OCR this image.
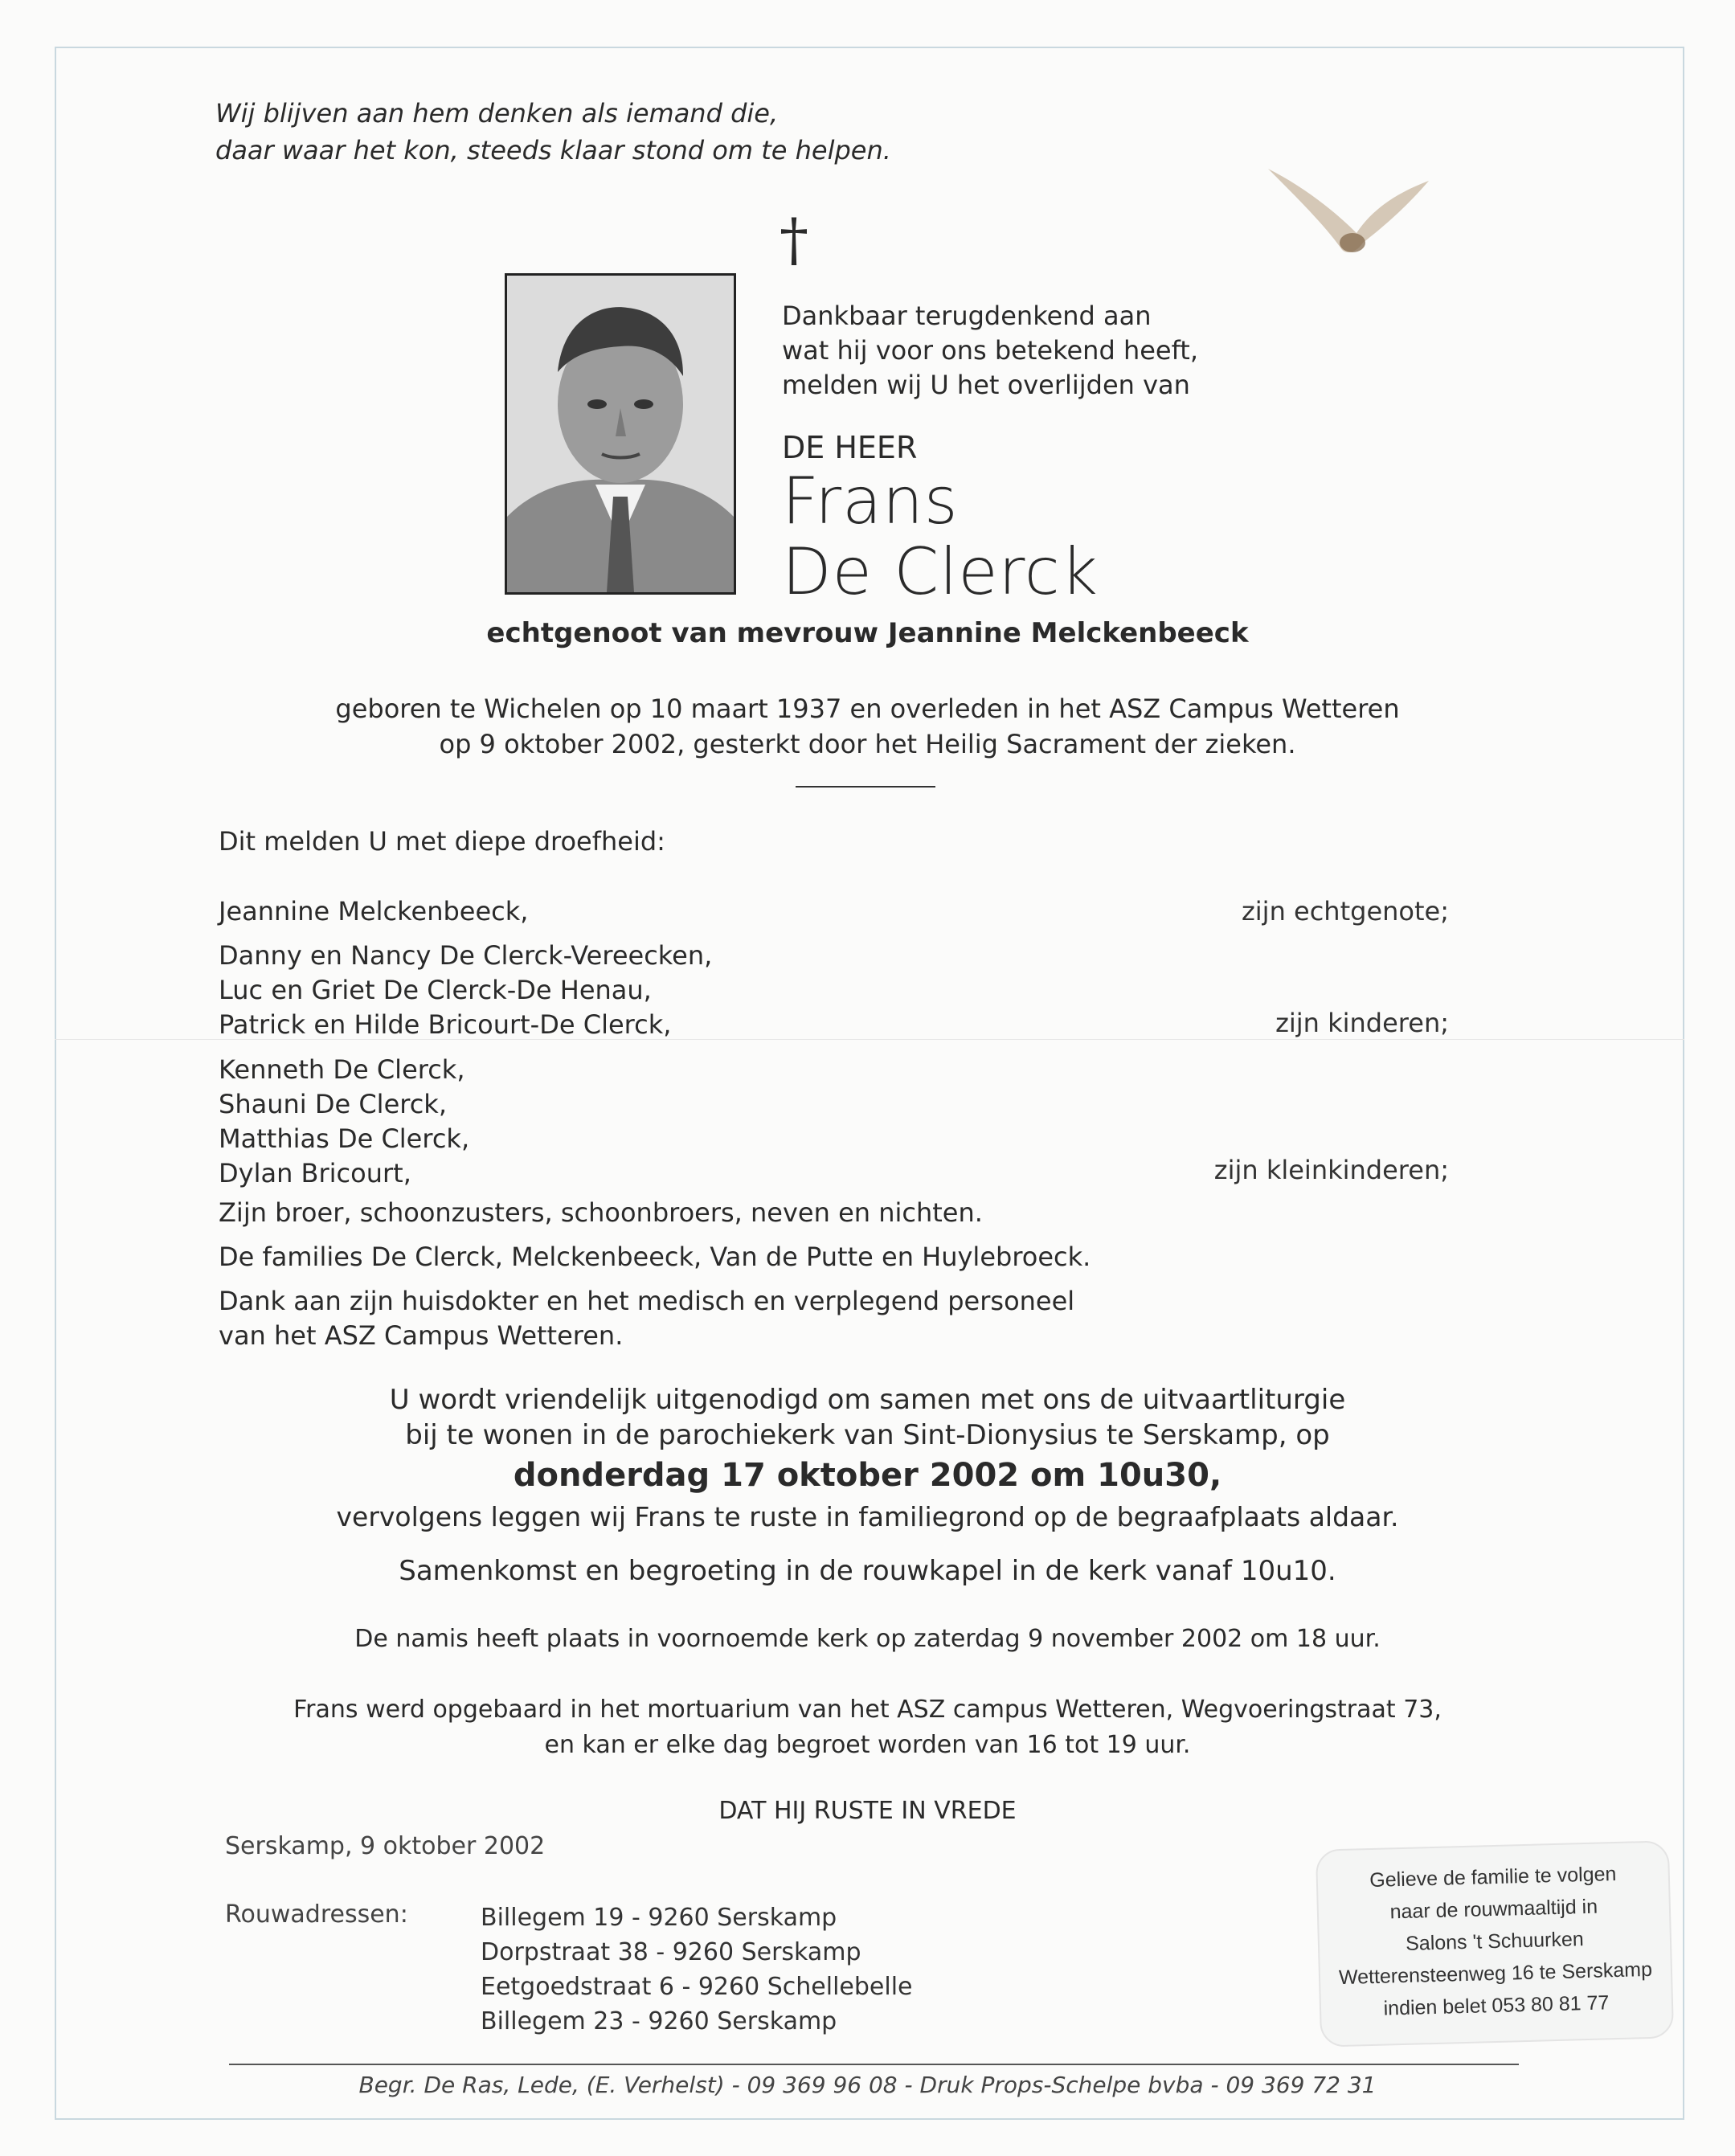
Wij blijven aan hem denken als iemand die,
daar waar het kon, steeds klaar stond om te helpen.
†
Dankbaar terugdenkend aan
wat hij voor ons betekend heeft,
melden wij U het overlijden van
DE HEER
Frans
De Clerck
echtgenoot van mevrouw Jeannine Melckenbeeck
geboren te Wichelen op 10 maart 1937 en overleden in het ASZ Campus Wetteren
op 9 oktober 2002, gesterkt door het Heilig Sacrament der zieken.
Dit melden U met diepe droefheid:
Jeannine Melckenbeeck,	zijn echtgenote;
Danny en Nancy De Clerck-Vereecken,
Luc en Griet De Clerck-De Henau,
Patrick en Hilde Bricourt-De Clerck,	zijn kinderen;
Kenneth De Clerck,
Shauni De Clerck,
Matthias De Clerck,
Dylan Bricourt,	zijn kleinkinderen;
Zijn broer, schoonzusters, schoonbroers, neven en nichten.
De families De Clerck, Melckenbeeck, Van de Putte en Huylebroeck.
Dank aan zijn huisdokter en het medisch en verplegend personeel
van het ASZ Campus Wetteren.
U wordt vriendelijk uitgenodigd om samen met ons de uitvaartliturgie
bij te wonen in de parochiekerk van Sint-Dionysius te Serskamp, op
donderdag 17 oktober 2002 om 10u30,
vervolgens leggen wij Frans te ruste in familiegrond op de begraafplaats aldaar.
Samenkomst en begroeting in de rouwkapel in de kerk vanaf 10u10.
De namis heeft plaats in voornoemde kerk op zaterdag 9 november 2002 om 18 uur.
Frans werd opgebaard in het mortuarium van het ASZ campus Wetteren, Wegvoeringstraat 73,
en kan er elke dag begroet worden van 16 tot 19 uur.
DAT HIJ RUSTE IN VREDE
Serskamp, 9 oktober 2002
Rouwadressen:	Billegem 19 - 9260 Serskamp
Dorpstraat 38 - 9260 Serskamp
Eetgoedstraat 6 - 9260 Schellebelle
Billegem 23 - 9260 Serskamp
Gelieve de familie te volgen
naar de rouwmaaltijd in
Salons 't Schuurken
Wetterensteenweg 16 te Serskamp
indien belet 053 80 81 77
Begr. De Ras, Lede, (E. Verhelst) - 09 369 96 08 - Druk Props-Schelpe bvba - 09 369 72 31
